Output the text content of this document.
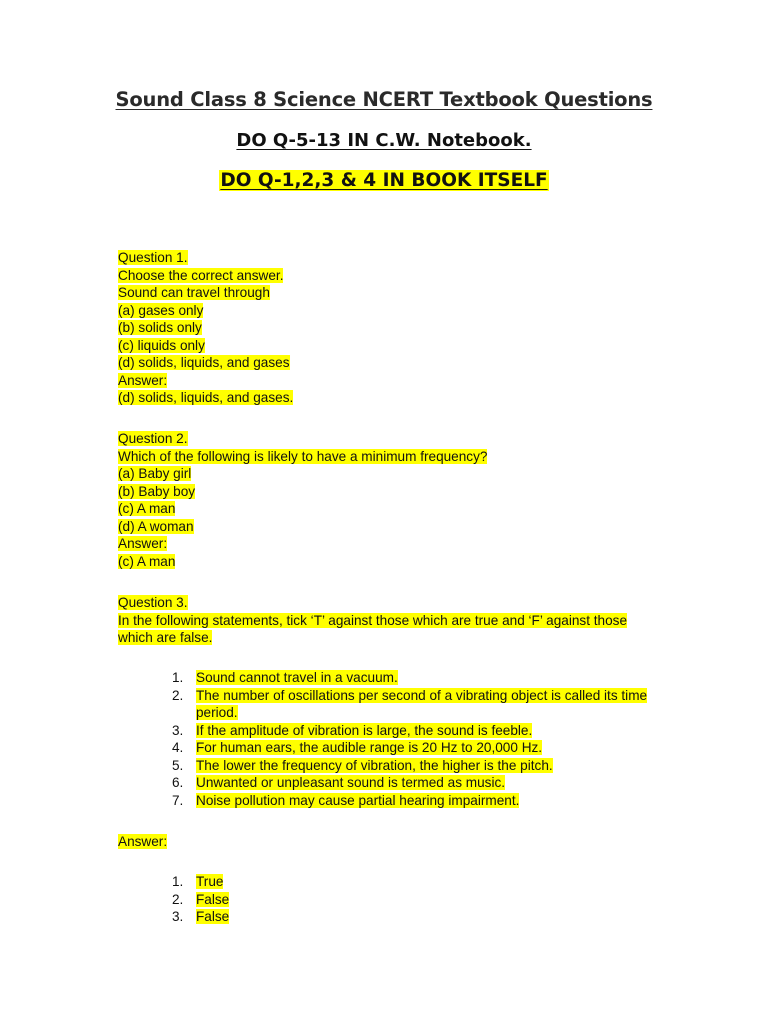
Sound Class 8 Science NCERT Textbook Questions
DO Q-5-13 IN C.W. Notebook.
DO Q-1,2,3 & 4 IN BOOK ITSELF
Question 1.
Choose the correct answer.
Sound can travel through
(a) gases only
(b) solids only
(c) liquids only
(d) solids, liquids, and gases
Answer:
(d) solids, liquids, and gases.
Question 2.
Which of the following is likely to have a minimum frequency?
(a) Baby girl
(b) Baby boy
(c) A man
(d) A woman
Answer:
(c) A man
Question 3.
In the following statements, tick ‘T’ against those which are true and ‘F’ against those which are false.
1. Sound cannot travel in a vacuum.
2. The number of oscillations per second of a vibrating object is called its time period.
3. If the amplitude of vibration is large, the sound is feeble.
4. For human ears, the audible range is 20 Hz to 20,000 Hz.
5. The lower the frequency of vibration, the higher is the pitch.
6. Unwanted or unpleasant sound is termed as music.
7. Noise pollution may cause partial hearing impairment.
Answer:
1. True
2. False
3. False
